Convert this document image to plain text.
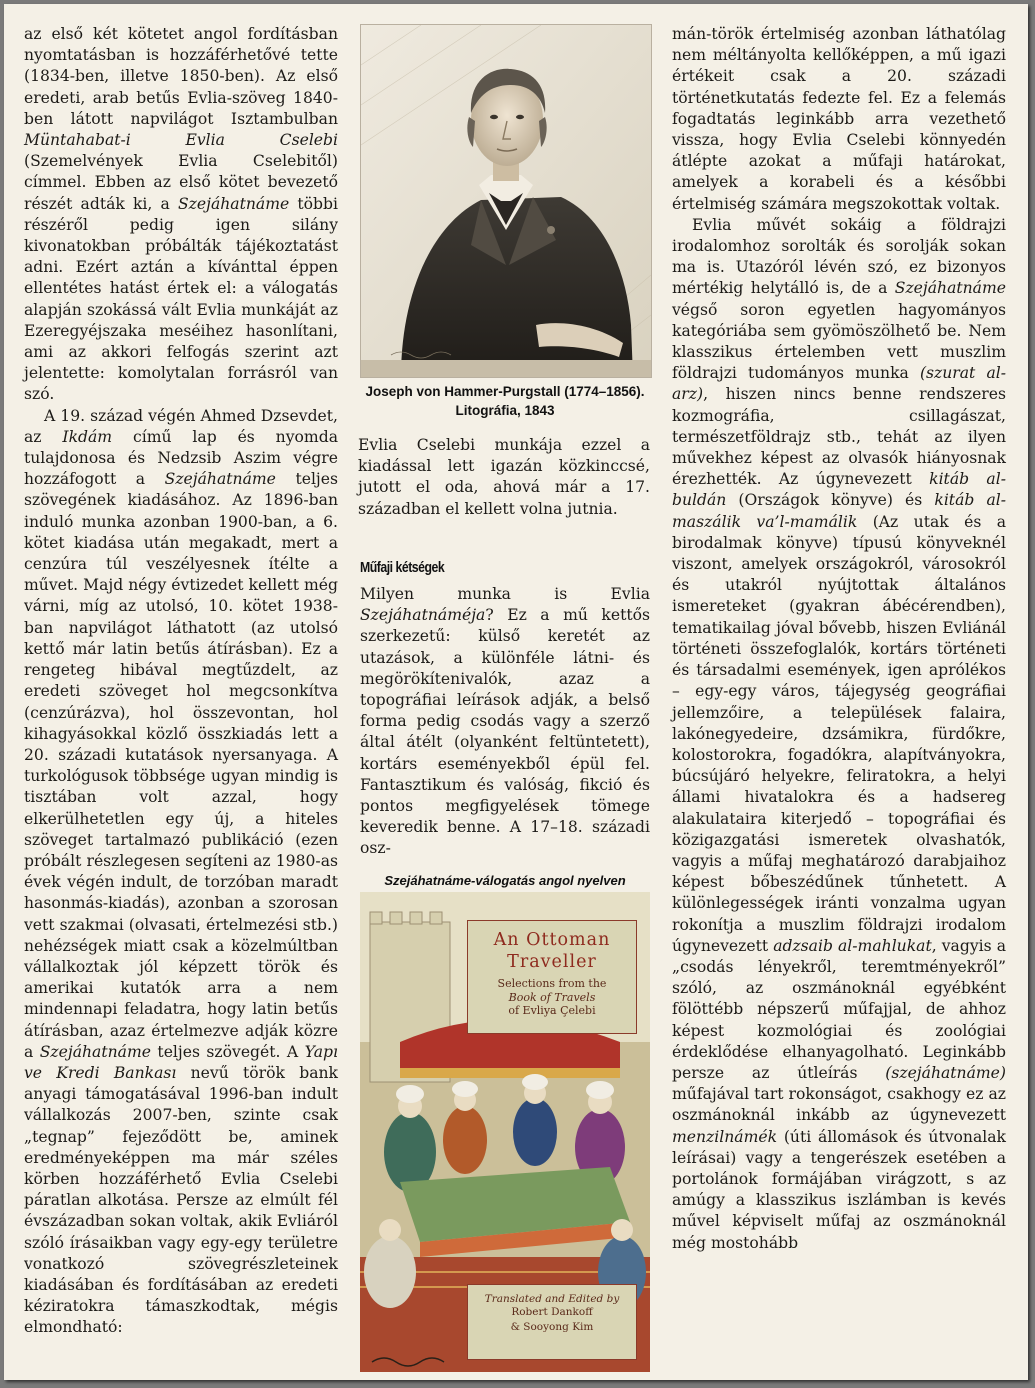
az első két kötetet angol fordításban nyomtatásban is hozzáférhetővé tette (1834-ben, illetve 1850-ben). Az első eredeti, arab betűs Evlia-szöveg 1840-ben látott napvilágot Isztambulban Müntahabat-i Evlia Cselebi (Szemelvények Evlia Cselebitől) címmel. Ebben az első kötet bevezető részét adták ki, a Szejáhatnáme többi részéről pedig igen silány kivonatokban próbálták tájékoztatást adni. Ezért aztán a kívánttal éppen ellentétes hatást értek el: a válogatás alapján szokássá vált Evlia munkáját az Ezeregyéjszaka meséihez hasonlítani, ami az akkori felfogás szerint azt jelentette: komolytalan forrásról van szó.

A 19. század végén Ahmed Dzsevdet, az Ikdám című lap és nyomda tulajdonosa és Nedzsib Aszim végre hozzáfogott a Szejáhatnáme teljes szövegének kiadásához. Az 1896-ban induló munka azonban 1900-ban, a 6. kötet kiadása után megakadt, mert a cenzúra túl veszélyesnek ítélte a művet. Majd négy évtizedet kellett még várni, míg az utolsó, 10. kötet 1938-ban napvilágot láthatott (az utolsó kettő már latin betűs átírásban). Ez a rengeteg hibával megtűzdelt, az eredeti szöveget hol megcsonkítva (cenzúrázva), hol összevontan, hol kihagyásokkal közlő összkiadás lett a 20. századi kutatások nyersanyaga. A turkológusok többsége ugyan mindig is tisztában volt azzal, hogy elkerülhetetlen egy új, a hiteles szöveget tartalmazó publikáció (ezen próbált részlegesen segíteni az 1980-as évek végén indult, de torzóban maradt hasonmás-kiadás), azonban a szorosan vett szakmai (olvasati, értelmezési stb.) nehézségek miatt csak a közelmúltban vállalkoztak jól képzett török és amerikai kutatók arra a nem mindennapi feladatra, hogy latin betűs átírásban, azaz értelmezve adják közre a Szejáhatnáme teljes szövegét. A Yapı ve Kredi Bankası nevű török bank anyagi támogatásával 1996-ban indult vállalkozás 2007-ben, szinte csak „tegnap” fejeződött be, aminek eredményeképpen ma már széles körben hozzáférhető Evlia Cselebi páratlan alkotása. Persze az elmúlt fél évszázadban sokan voltak, akik Evliáról szóló írásaikban vagy egy-egy területre vonatkozó szövegrészleteinek kiadásában és fordításában az eredeti kéziratokra támaszkodtak, mégis elmondható:

Joseph von Hammer-Purgstall (1774–1856).
Litográfia, 1843

Evlia Cselebi munkája ezzel a kiadással lett igazán közkinccsé, jutott el oda, ahová már a 17. században el kellett volna jutnia.

Műfaji kétségek

Milyen munka is Evlia Szejáhatnáméja? Ez a mű kettős szerkezetű: külső keretét az utazások, a különféle látni- és megörökítenivalók, azaz a topográfiai leírások adják, a belső forma pedig csodás vagy a szerző által átélt (olyanként feltüntetett), kortárs eseményekből épül fel. Fantasztikum és valóság, fikció és pontos megfigyelések tömege keveredik benne. A 17–18. századi osz-

Szejáhatnáme-válogatás angol nyelven
An Ottoman
Traveller
Selections from the
Book of Travels
of Evliya Çelebi
Translated and Edited by
Robert Dankoff
& Sooyong Kim

mán-török értelmiség azonban láthatólag nem méltányolta kellőképpen, a mű igazi értékeit csak a 20. századi történetkutatás fedezte fel. Ez a felemás fogadtatás leginkább arra vezethető vissza, hogy Evlia Cselebi könnyedén átlépte azokat a műfaji határokat, amelyek a korabeli és a későbbi értelmiség számára megszokottak voltak.

Evlia művét sokáig a földrajzi irodalomhoz sorolták és sorolják sokan ma is. Utazóról lévén szó, ez bizonyos mértékig helytálló is, de a Szejáhatnáme végső soron egyetlen hagyományos kategóriába sem gyömöszölhető be. Nem klasszikus értelemben vett muszlim földrajzi tudományos munka (szurat al-arz), hiszen nincs benne rendszeres kozmográfia, csillagászat, természetföldrajz stb., tehát az ilyen művekhez képest az olvasók hiányosnak érezhették. Az úgynevezett kitáb al-buldán (Országok könyve) és kitáb al-maszálik va’l-mamálik (Az utak és a birodalmak könyve) típusú könyveknél viszont, amelyek országokról, városokról és utakról nyújtottak általános ismereteket (gyakran ábécérendben), tematikailag jóval bővebb, hiszen Evliánál történeti összefoglalók, kortárs történeti és társadalmi események, igen aprólékos – egy-egy város, tájegység geográfiai jellemzőire, a települések falaira, lakónegyedeire, dzsámikra, fürdőkre, kolostorokra, fogadókra, alapítványokra, búcsújáró helyekre, feliratokra, a helyi állami hivatalokra és a hadsereg alakulataira kiterjedő – topográfiai és közigazgatási ismeretek olvashatók, vagyis a műfaj meghatározó darabjaihoz képest bőbeszédűnek tűnhetett. A különlegességek iránti vonzalma ugyan rokonítja a muszlim földrajzi irodalom úgynevezett adzsaib al-mahlukat, vagyis a „csodás lényekről, teremtményekről” szóló, az oszmánoknál egyébként fölöttébb népszerű műfajjal, de ahhoz képest kozmológiai és zoológiai érdeklődése elhanyagolható. Leginkább persze az útleírás (szejáhatnáme) műfajával tart rokonságot, csakhogy ez az oszmánoknál inkább az úgynevezett menzilnámék (úti állomások és útvonalak leírásai) vagy a tengerészek esetében a portolánok formájában virágzott, s az amúgy a klasszikus iszlámban is kevés művel képviselt műfaj az oszmánoknál még mostohább
